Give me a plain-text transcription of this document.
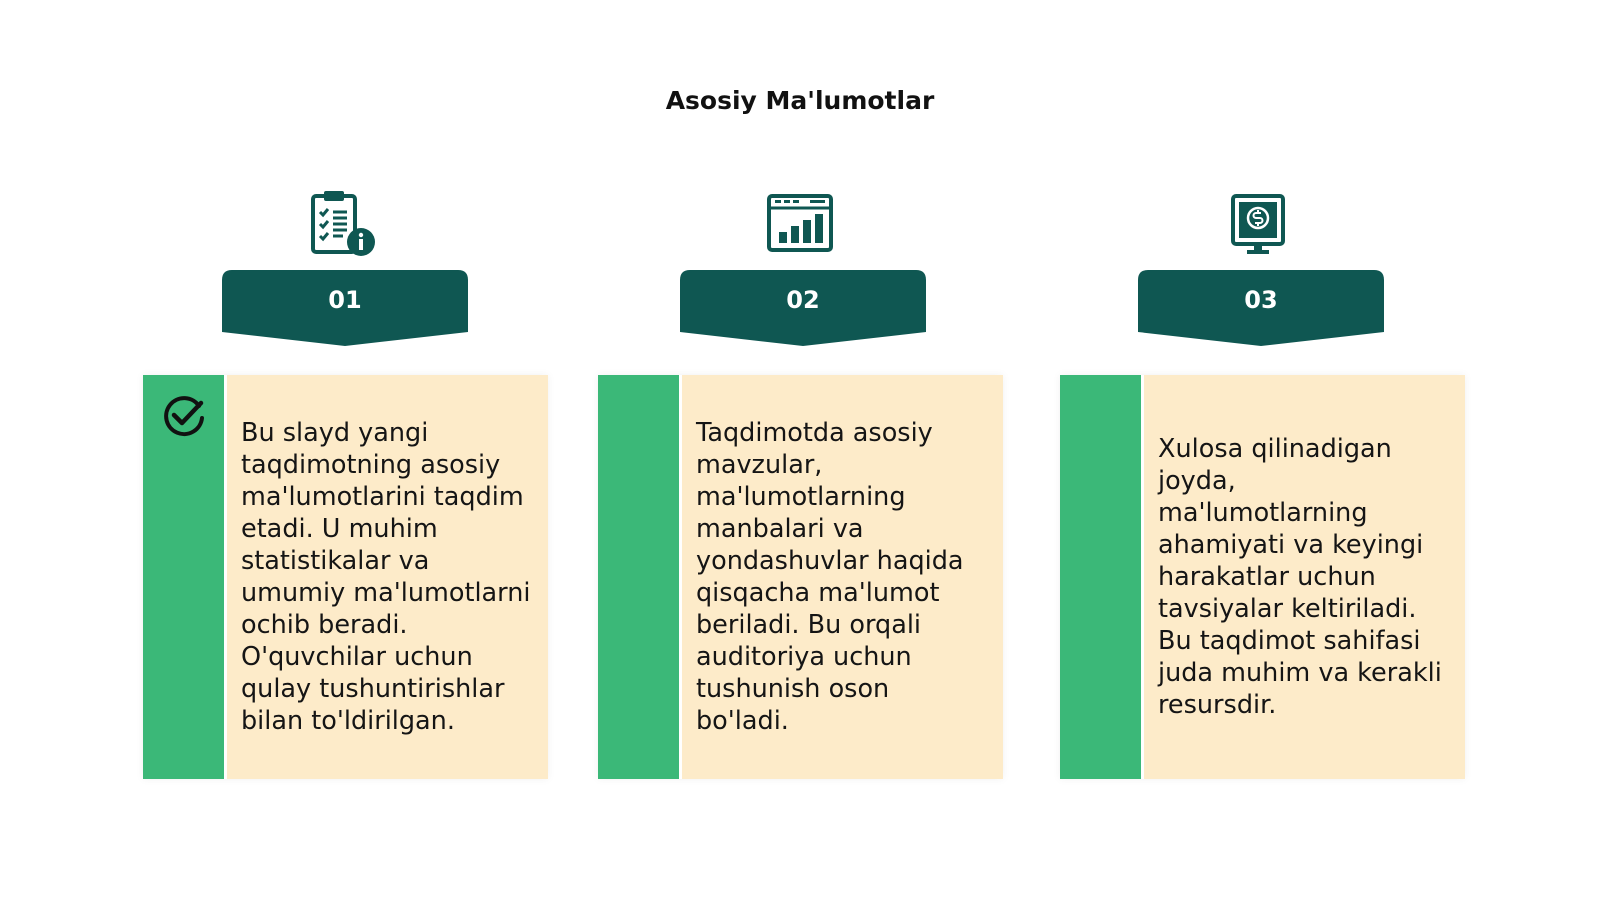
Asosiy Ma'lumotlar
01	02	03
Bu slayd yangi taqdimotning asosiy ma'lumotlarini taqdim etadi. U muhim statistikalar va umumiy ma'lumotlarni ochib beradi. O'quvchilar uchun qulay tushuntirishlar bilan to'ldirilgan.
Taqdimotda asosiy mavzular, ma'lumotlarning manbalari va yondashuvlar haqida qisqacha ma'lumot beriladi. Bu orqali auditoriya uchun tushunish oson bo'ladi.
Xulosa qilinadigan joyda, ma'lumotlarning ahamiyati va keyingi harakatlar uchun tavsiyalar keltiriladi. Bu taqdimot sahifasi juda muhim va kerakli resursdir.
